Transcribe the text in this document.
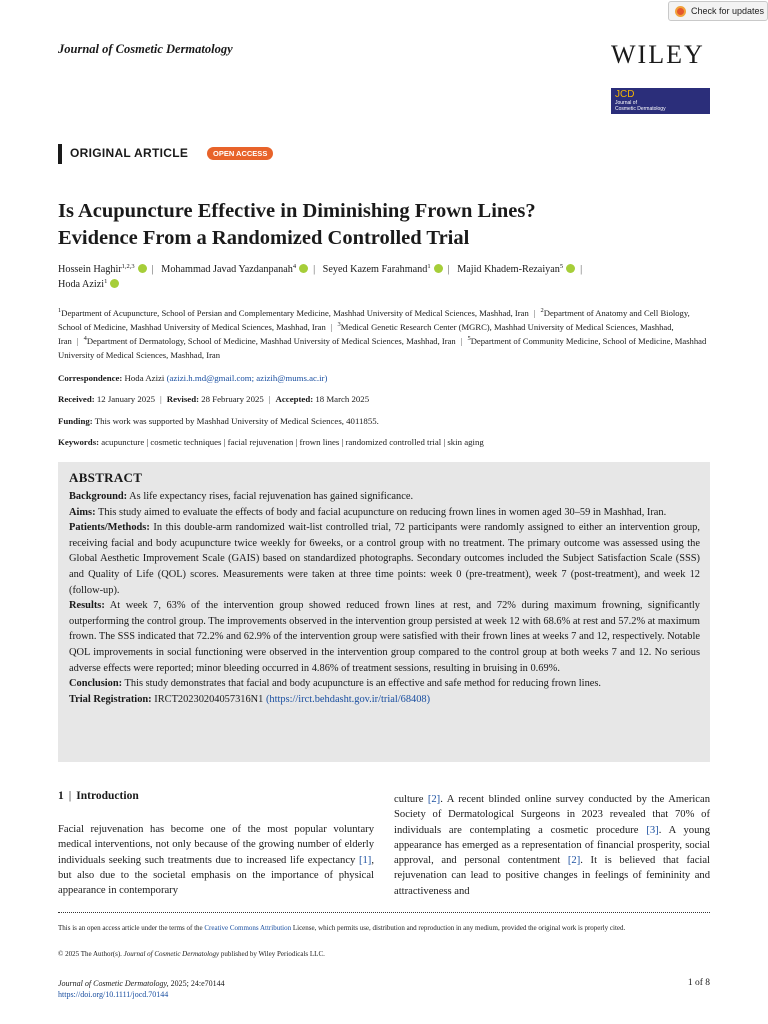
Check for updates
Journal of Cosmetic Dermatology	WILEY
JCD
Journal of
Cosmetic Dermatology
ORIGINAL ARTICLE	OPEN ACCESS
Is Acupuncture Effective in Diminishing Frown Lines?
Evidence From a Randomized Controlled Trial
Hossein Haghir$^{1,2,3}$ | Mohammad Javad Yazdanpanah$^4$ | Seyed Kazem Farahmand$^1$ | Majid Khadem-Rezaiyan$^5$ |
Hoda Azizi$^1$
$^1$Department of Acupuncture, School of Persian and Complementary Medicine, Mashhad University of Medical Sciences, Mashhad, Iran | $^2$Department of Anatomy and Cell Biology, School of Medicine, Mashhad University of Medical Sciences, Mashhad, Iran | $^3$Medical Genetic Research Center (MGRC), Mashhad University of Medical Sciences, Mashhad, Iran | $^4$Department of Dermatology, School of Medicine, Mashhad University of Medical Sciences, Mashhad, Iran | $^5$Department of Community Medicine, School of Medicine, Mashhad University of Medical Sciences, Mashhad, Iran
Correspondence: Hoda Azizi (azizi.h.md@gmail.com; azizih@mums.ac.ir)
Received: 12 January 2025 | Revised: 28 February 2025 | Accepted: 18 March 2025
Funding: This work was supported by Mashhad University of Medical Sciences, 4011855.
Keywords: acupuncture | cosmetic techniques | facial rejuvenation | frown lines | randomized controlled trial | skin aging
ABSTRACT

Background: As life expectancy rises, facial rejuvenation has gained significance.

Aims: This study aimed to evaluate the effects of body and facial acupuncture on reducing frown lines in women aged 30–59 in Mashhad, Iran.

Patients/Methods: In this double-arm randomized wait-list controlled trial, 72 participants were randomly assigned to either an intervention group, receiving facial and body acupuncture twice weekly for 6weeks, or a control group with no treatment. The primary outcome was assessed using the Global Aesthetic Improvement Scale (GAIS) based on standardized photographs. Secondary outcomes included the Subject Satisfaction Scale (SSS) and Quality of Life (QOL) scores. Measurements were taken at three time points: week 0 (pre-treatment), week 7 (post-treatment), and week 12 (follow-up).

Results: At week 7, 63% of the intervention group showed reduced frown lines at rest, and 72% during maximum frowning, significantly outperforming the control group. The improvements observed in the intervention group persisted at week 12 with 68.6% at rest and 57.2% at maximum frown. The SSS indicated that 72.2% and 62.9% of the intervention group were satisfied with their frown lines at weeks 7 and 12, respectively. Notable QOL improvements in social functioning were observed in the intervention group compared to the control group at both weeks 7 and 12. No serious adverse effects were reported; minor bleeding occurred in 4.86% of treatment sessions, resulting in bruising in 0.69%.

Conclusion: This study demonstrates that facial and body acupuncture is an effective and safe method for reducing frown lines.

Trial Registration: IRCT20230204057316N1 (https://irct.behdasht.gov.ir/trial/68408)

1 | Introduction
Facial rejuvenation has become one of the most popular voluntary medical interventions, not only because of the growing number of elderly individuals seeking such treatments due to increased life expectancy [1], but also due to the societal emphasis on the importance of physical appearance in contemporary
culture [2]. A recent blinded online survey conducted by the American Society of Dermatological Surgeons in 2023 revealed that 70% of individuals are contemplating a cosmetic procedure [3]. A young appearance has emerged as a representation of financial prosperity, social approval, and personal contentment [2]. It is believed that facial rejuvenation can lead to positive changes in feelings of femininity and attractiveness and
This is an open access article under the terms of the Creative Commons Attribution License, which permits use, distribution and reproduction in any medium, provided the original work is properly cited.
© 2025 The Author(s). Journal of Cosmetic Dermatology published by Wiley Periodicals LLC.
Journal of Cosmetic Dermatology, 2025; 24:e70144
https://doi.org/10.1111/jocd.70144
1 of 8
